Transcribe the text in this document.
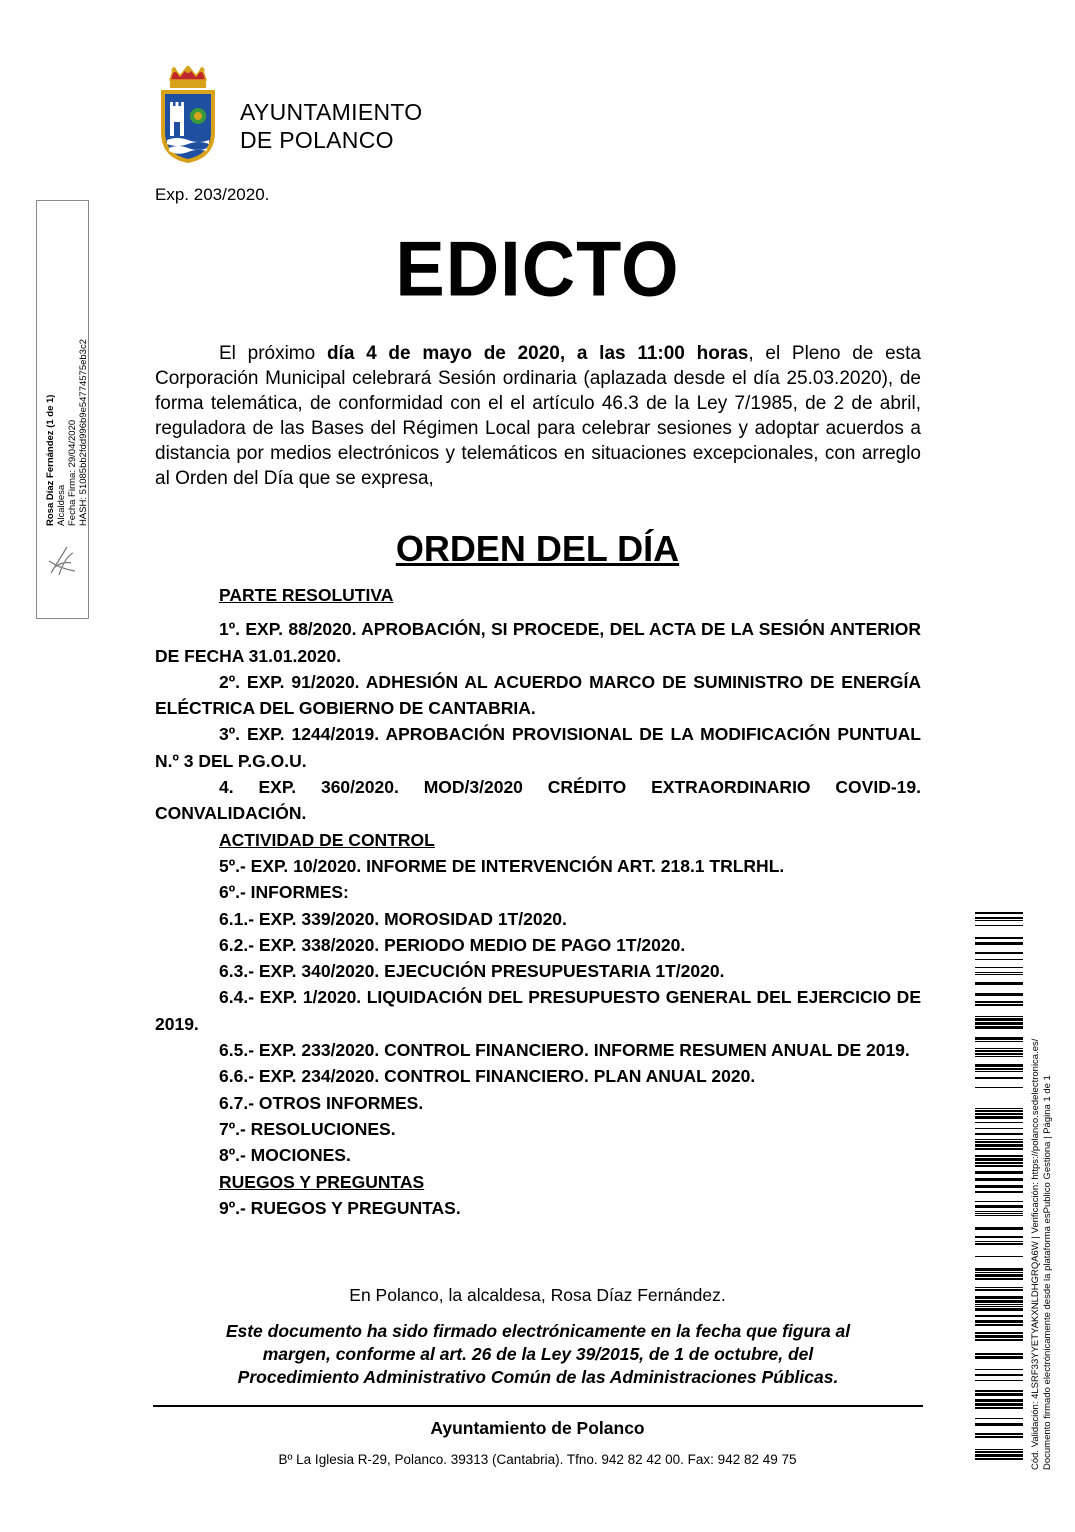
AYUNTAMIENTO
DE POLANCO
Exp. 203/2020.
EDICTO

El próximo día 4 de mayo de 2020, a las 11:00 horas, el Pleno de esta Corporación Municipal celebrará Sesión ordinaria (aplazada desde el día 25.03.2020), de forma telemática, de conformidad con el el artículo 46.3 de la Ley 7/1985, de 2 de abril, reguladora de las Bases del Régimen Local para celebrar sesiones y adoptar acuerdos a distancia por medios electrónicos y telemáticos en situaciones excepcionales, con arreglo al Orden del Día que se expresa,

ORDEN DEL DÍA
PARTE RESOLUTIVA
1º. EXP. 88/2020. APROBACIÓN, SI PROCEDE, DEL ACTA DE LA SESIÓN ANTERIOR DE FECHA 31.01.2020.
2º. EXP. 91/2020. ADHESIÓN AL ACUERDO MARCO DE SUMINISTRO DE ENERGÍA ELÉCTRICA DEL GOBIERNO DE CANTABRIA.
3º. EXP. 1244/2019. APROBACIÓN PROVISIONAL DE LA MODIFICACIÓN PUNTUAL N.º 3 DEL P.G.O.U.
4. EXP. 360/2020. MOD/3/2020 CRÉDITO EXTRAORDINARIO COVID-19. CONVALIDACIÓN.
ACTIVIDAD DE CONTROL
5º.- EXP. 10/2020. INFORME DE INTERVENCIÓN ART. 218.1 TRLRHL.
6º.- INFORMES:
6.1.- EXP. 339/2020. MOROSIDAD 1T/2020.
6.2.- EXP. 338/2020. PERIODO MEDIO DE PAGO 1T/2020.
6.3.- EXP. 340/2020. EJECUCIÓN PRESUPUESTARIA 1T/2020.
6.4.- EXP. 1/2020. LIQUIDACIÓN DEL PRESUPUESTO GENERAL DEL EJERCICIO DE 2019.
6.5.- EXP. 233/2020. CONTROL FINANCIERO. INFORME RESUMEN ANUAL DE 2019.
6.6.- EXP. 234/2020. CONTROL FINANCIERO. PLAN ANUAL 2020.
6.7.- OTROS INFORMES.
7º.- RESOLUCIONES.
8º.- MOCIONES.
RUEGOS Y PREGUNTAS
9º.- RUEGOS Y PREGUNTAS.
En Polanco, la alcaldesa, Rosa Díaz Fernández.
Este documento ha sido firmado electrónicamente en la fecha que figura al
margen, conforme al art. 26 de la Ley 39/2015, de 1 de octubre, del
Procedimiento Administrativo Común de las Administraciones Públicas.
Ayuntamiento de Polanco
Bº La Iglesia R-29, Polanco. 39313 (Cantabria). Tfno. 942 82 42 00. Fax: 942 82 49 75
Rosa Díaz Fernández (1 de 1) Alcaldesa Fecha Firma: 29/04/2020 HASH: 51085bb2fdd996b9e54774575eb3c2
Cód. Validación: 4LSRF33YYETYAKXNLDHGRQA6W | Verificación: https://polanco.sedelectronica.es/ Documento firmado electrónicamente desde la plataforma esPublico Gestiona | Página 1 de 1
